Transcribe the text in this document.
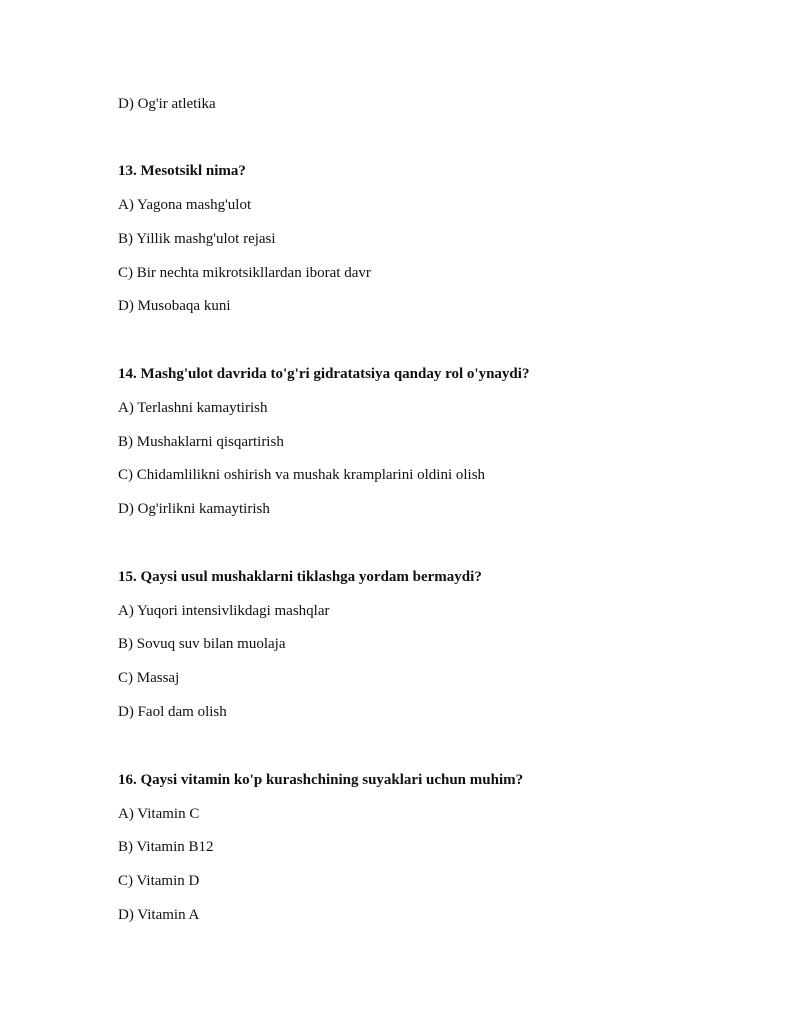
D) Og'ir atletika
13. Mesotsikl nima?
A) Yagona mashg'ulot
B) Yillik mashg'ulot rejasi
C) Bir nechta mikrotsikllardan iborat davr
D) Musobaqa kuni
14. Mashg'ulot davrida to'g'ri gidratatsiya qanday rol o'ynaydi?
A) Terlashni kamaytirish
B) Mushaklarni qisqartirish
C) Chidamlilikni oshirish va mushak kramplarini oldini olish
D) Og'irlikni kamaytirish
15. Qaysi usul mushaklarni tiklashga yordam bermaydi?
A) Yuqori intensivlikdagi mashqlar
B) Sovuq suv bilan muolaja
C) Massaj
D) Faol dam olish
16. Qaysi vitamin ko'p kurashchining suyaklari uchun muhim?
A) Vitamin C
B) Vitamin B12
C) Vitamin D
D) Vitamin A
